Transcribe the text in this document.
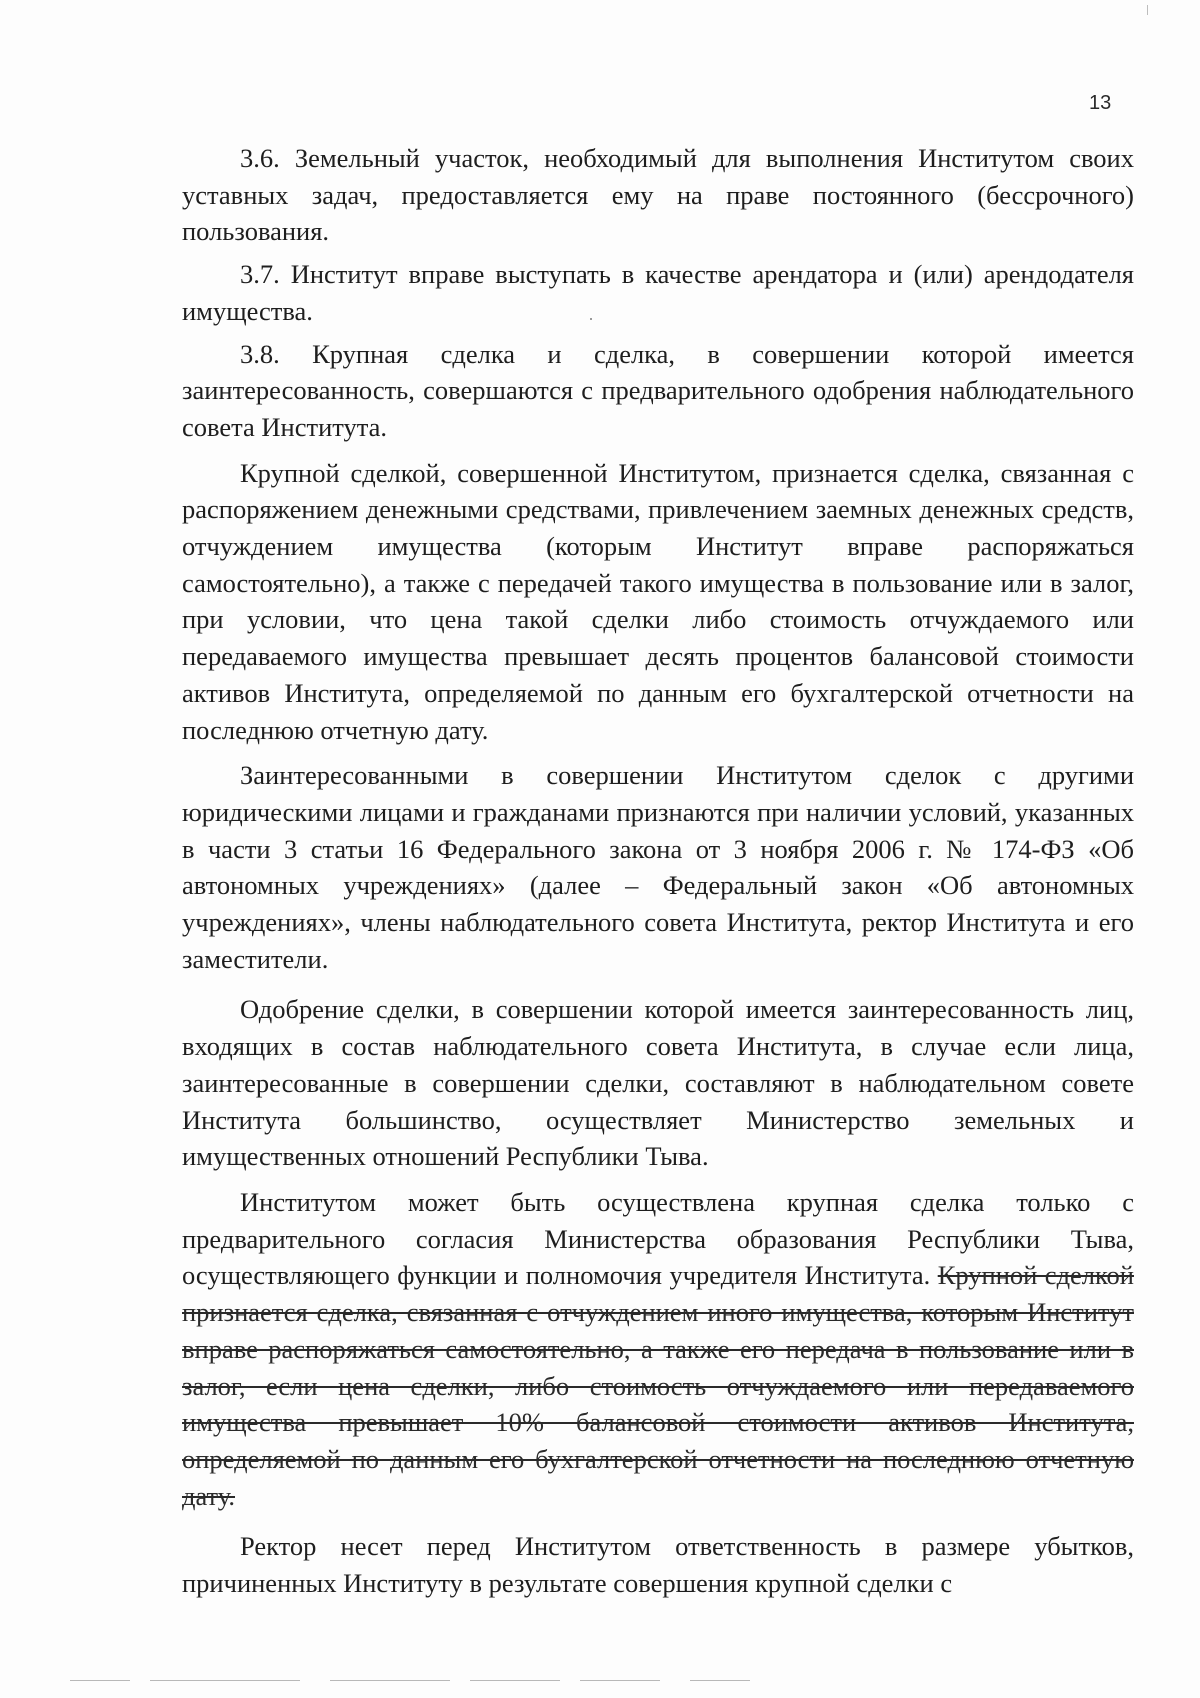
13

3.6. Земельный участок, необходимый для выполнения Институтом своих уставных задач, предоставляется ему на праве постоянного (бессрочного) пользования.

3.7. Институт вправе выступать в качестве арендатора и (или) арендодателя имущества.

3.8. Крупная сделка и сделка, в совершении которой имеется заинтересованность, совершаются с предварительного одобрения наблюдательного совета Института.

Крупной сделкой, совершенной Институтом, признается сделка, связанная с распоряжением денежными средствами, привлечением заемных денежных средств, отчуждением имущества (которым Институт вправе распоряжаться самостоятельно), а также с передачей такого имущества в пользование или в залог, при условии, что цена такой сделки либо стоимость отчуждаемого или передаваемого имущества превышает десять процентов балансовой стоимости активов Института, определяемой по данным его бухгалтерской отчетности на последнюю отчетную дату.

Заинтересованными в совершении Институтом сделок с другими юридическими лицами и гражданами признаются при наличии условий, указанных в части 3 статьи 16 Федерального закона от 3 ноября 2006 г. № 174-ФЗ «Об автономных учреждениях» (далее – Федеральный закон «Об автономных учреждениях», члены наблюдательного совета Института, ректор Института и его заместители.

Одобрение сделки, в совершении которой имеется заинтересованность лиц, входящих в состав наблюдательного совета Института, в случае если лица, заинтересованные в совершении сделки, составляют в наблюдательном совете Института большинство, осуществляет Министерство земельных и имущественных отношений Республики Тыва.

Институтом может быть осуществлена крупная сделка только с предварительного согласия Министерства образования Республики Тыва, осуществляющего функции и полномочия учредителя Института. Крупной сделкой признается сделка, связанная с отчуждением иного имущества, которым Институт вправе распоряжаться самостоятельно, а также его передача в пользование или в залог, если цена сделки, либо стоимость отчуждаемого или передаваемого имущества превышает 10% балансовой стоимости активов Института, определяемой по данным его бухгалтерской отчетности на последнюю отчетную дату.

Ректор несет перед Институтом ответственность в размере убытков, причиненных Институту в результате совершения крупной сделки с
